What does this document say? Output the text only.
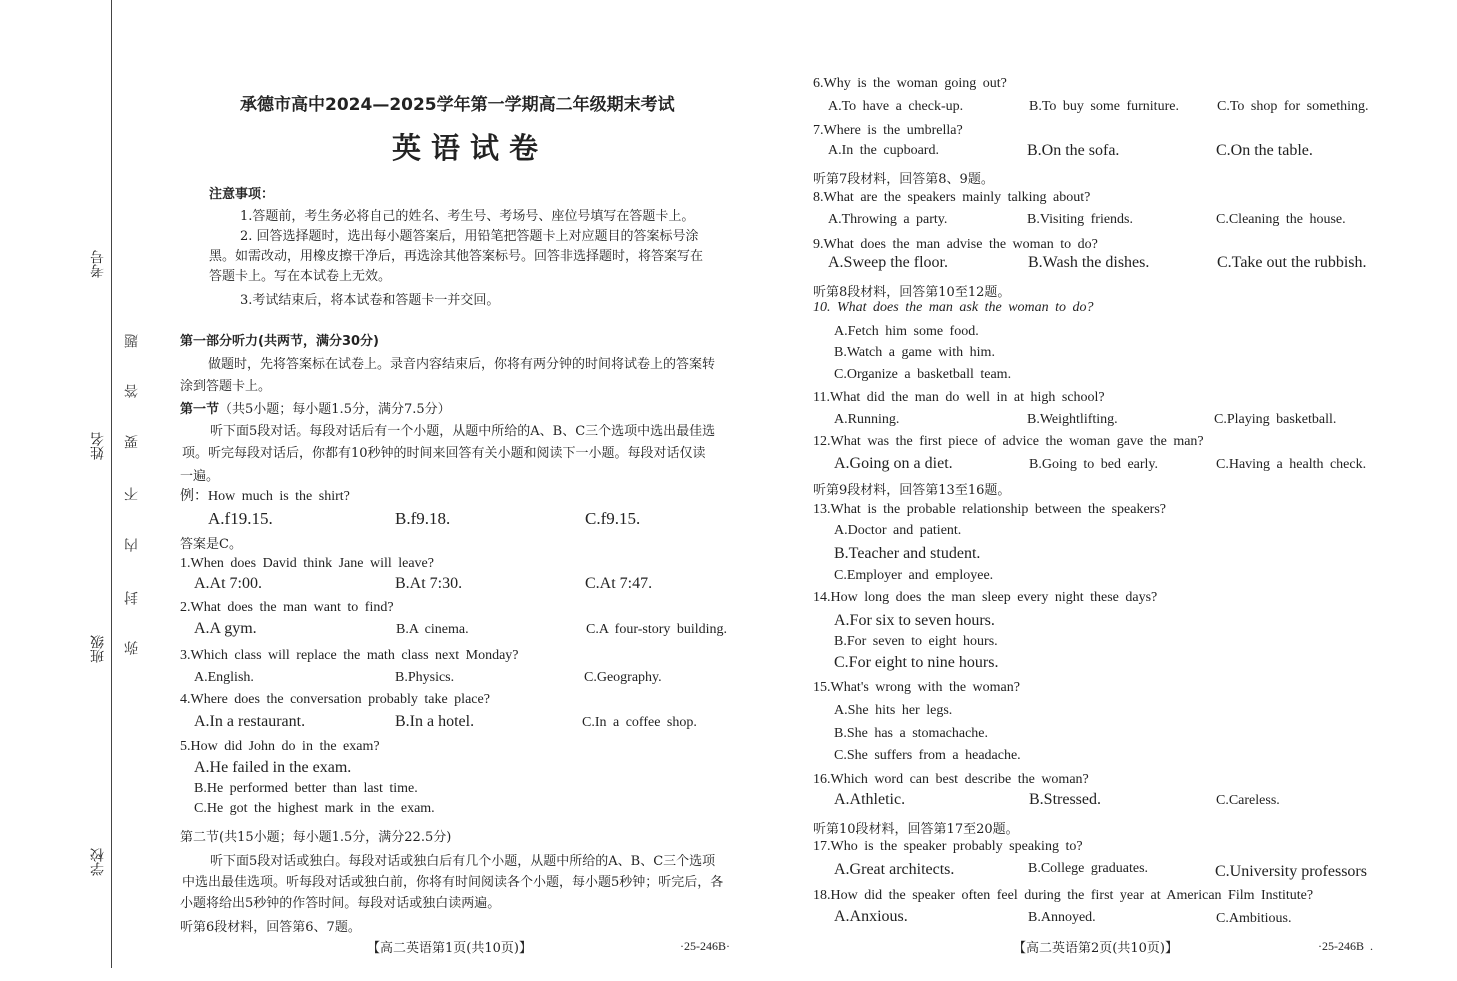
考号
姓名
班级
学校
题
答
要
不
内
封
弥
承德市高中2024—2025学年第一学期高二年级期末考试
英语试卷
注意事项：
1.答题前，考生务必将自己的姓名、考生号、考场号、座位号填写在答题卡上。
2. 回答选择题时，选出每小题答案后，用铅笔把答题卡上对应题目的答案标号涂
黑。如需改动，用橡皮擦干净后，再选涂其他答案标号。回答非选择题时，将答案写在
答题卡上。写在本试卷上无效。
3.考试结束后，将本试卷和答题卡一并交回。
第一部分听力(共两节，满分30分)
做题时，先将答案标在试卷上。录音内容结束后，你将有两分钟的时间将试卷上的答案转
涂到答题卡上。
第一节（共5小题；每小题1.5分，满分7.5分）
听下面5段对话。每段对话后有一个小题，从题中所给的A、B、C三个选项中选出最佳选
项。听完每段对话后，你都有10秒钟的时间来回答有关小题和阅读下一小题。每段对话仅读
一遍。
例：How much is the shirt?
A.f19.15.	B.f9.18.	C.f9.15.
答案是C。
1.When does David think Jane will leave?
A.At 7:00.	B.At 7:30.	C.At 7:47.
2.What does the man want to find?
A.A gym.	B.A cinema.	C.A four-story building.
3.Which class will replace the math class next Monday?
A.English.	B.Physics.	C.Geography.
4.Where does the conversation probably take place?
A.In a restaurant.	B.In a hotel.	C.In a coffee shop.
5.How did John do in the exam?
A.He failed in the exam.
B.He performed better than last time.
C.He got the highest mark in the exam.
第二节(共15小题；每小题1.5分，满分22.5分)
听下面5段对话或独白。每段对话或独白后有几个小题，从题中所给的A、B、C三个选项
中选出最佳选项。听每段对话或独白前，你将有时间阅读各个小题，每小题5秒钟；听完后，各
小题将给出5秒钟的作答时间。每段对话或独白读两遍。
听第6段材料，回答第6、7题。
【高二英语第1页(共10页)】	·25-246B·
6.Why is the woman going out?
A.To have a check-up.	B.To buy some furniture.	C.To shop for something.
7.Where is the umbrella?
A.In the cupboard.	B.On the sofa.	C.On the table.
听第7段材料，回答第8、9题。
8.What are the speakers mainly talking about?
A.Throwing a party.	B.Visiting friends.	C.Cleaning the house.
9.What does the man advise the woman to do?
A.Sweep the floor.	B.Wash the dishes.	C.Take out the rubbish.
听第8段材料，回答第10至12题。
10. What does the man ask the woman to do?
A.Fetch him some food.
B.Watch a game with him.
C.Organize a basketball team.
11.What did the man do well in at high school?
A.Running.	B.Weightlifting.	C.Playing basketball.
12.What was the first piece of advice the woman gave the man?
A.Going on a diet.	B.Going to bed early.	C.Having a health check.
听第9段材料，回答第13至16题。
13.What is the probable relationship between the speakers?
A.Doctor and patient.
B.Teacher and student.
C.Employer and employee.
14.How long does the man sleep every night these days?
A.For six to seven hours.
B.For seven to eight hours.
C.For eight to nine hours.
15.What's wrong with the woman?
A.She hits her legs.
B.She has a stomachache.
C.She suffers from a headache.
16.Which word can best describe the woman?
A.Athletic.	B.Stressed.	C.Careless.
听第10段材料，回答第17至20题。
17.Who is the speaker probably speaking to?
A.Great architects.	B.College graduates.	C.University professors
18.How did the speaker often feel during the first year at American Film Institute?
A.Anxious.	B.Annoyed.	C.Ambitious.
【高二英语第2页(共10页)】	·25-246B .
